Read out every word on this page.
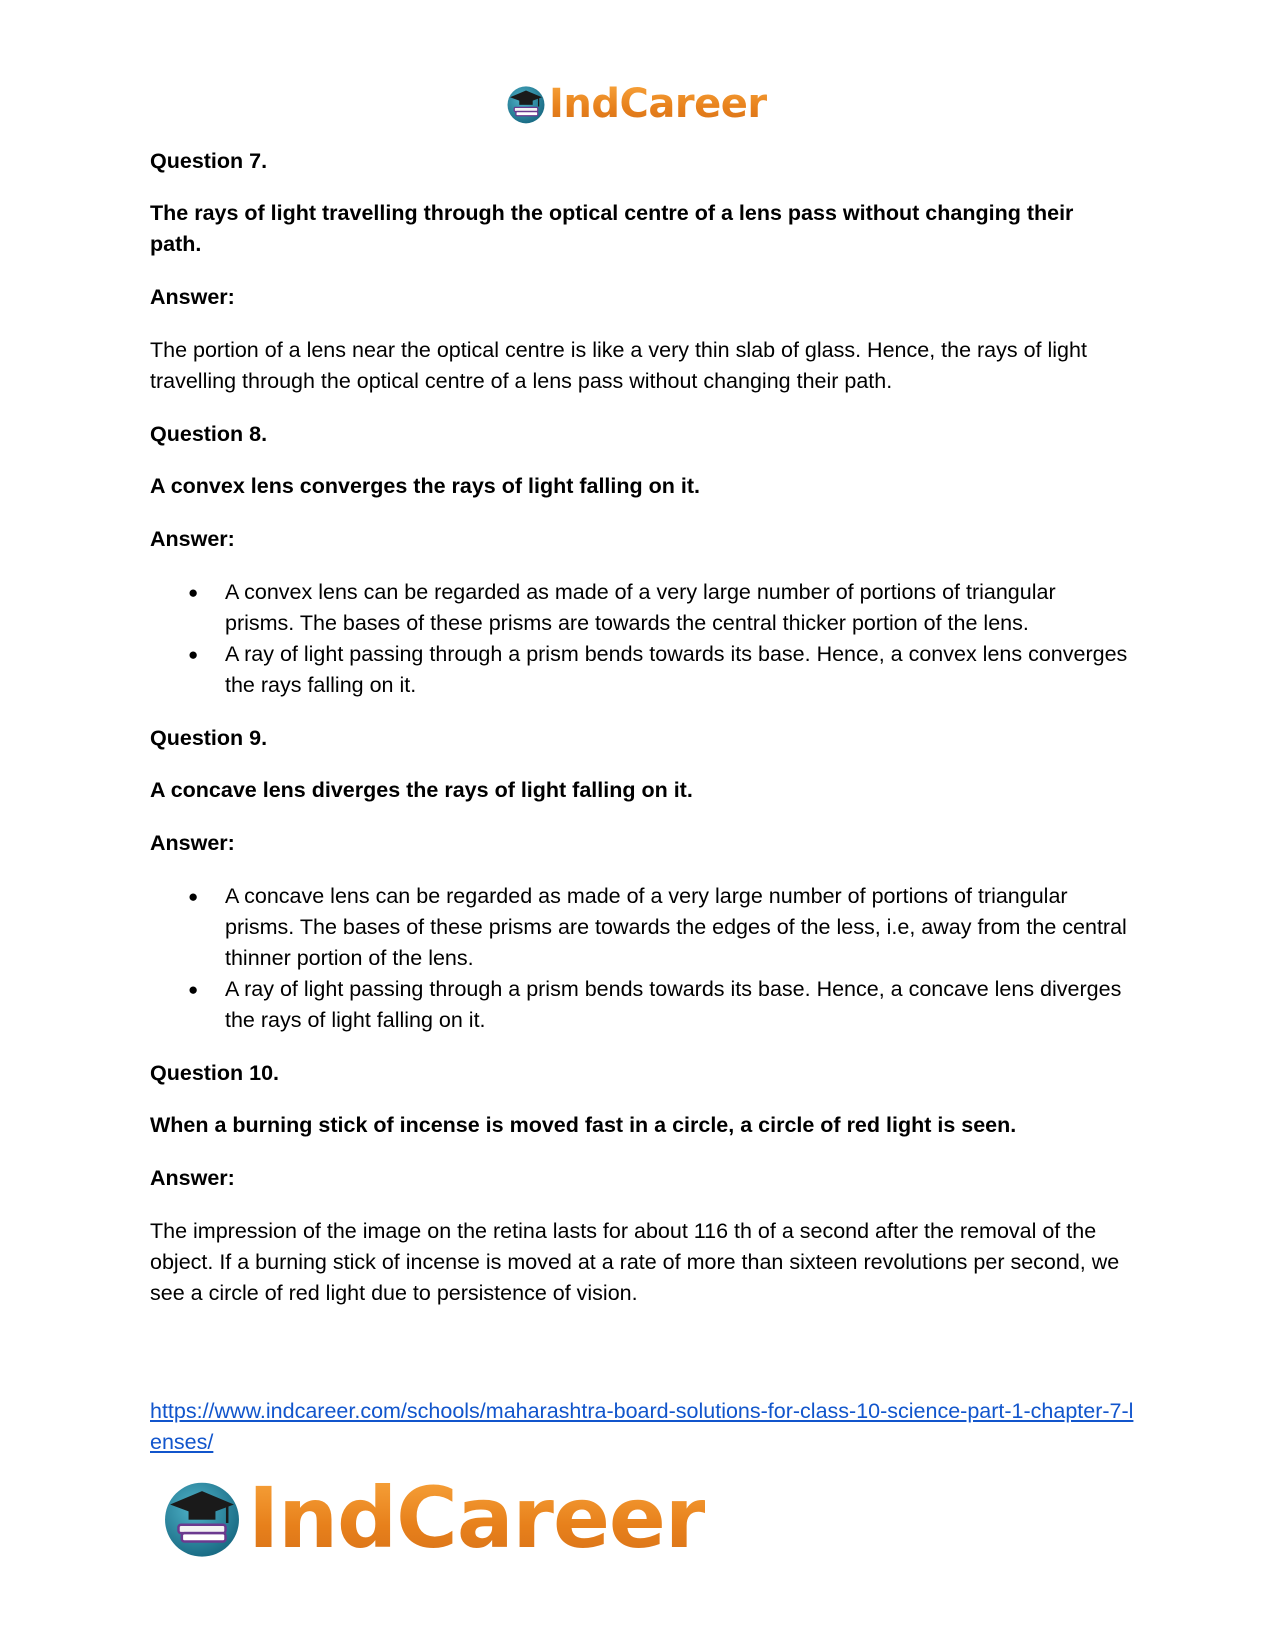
IndCareer

Question 7.

The rays of light travelling through the optical centre of a lens pass without changing their path.

Answer:

The portion of a lens near the optical centre is like a very thin slab of glass. Hence, the rays of light travelling through the optical centre of a lens pass without changing their path.

Question 8.

A convex lens converges the rays of light falling on it.

Answer:

● A convex lens can be regarded as made of a very large number of portions of triangular prisms. The bases of these prisms are towards the central thicker portion of the lens.
● A ray of light passing through a prism bends towards its base. Hence, a convex lens converges the rays falling on it.

Question 9.

A concave lens diverges the rays of light falling on it.

Answer:

● A concave lens can be regarded as made of a very large number of portions of triangular prisms. The bases of these prisms are towards the edges of the less, i.e, away from the central thinner portion of the lens.
● A ray of light passing through a prism bends towards its base. Hence, a concave lens diverges the rays of light falling on it.

Question 10.

When a burning stick of incense is moved fast in a circle, a circle of red light is seen.

Answer:

The impression of the image on the retina lasts for about 116 th of a second after the removal of the object. If a burning stick of incense is moved at a rate of more than sixteen revolutions per second, we see a circle of red light due to persistence of vision.

https://www.indcareer.com/schools/maharashtra-board-solutions-for-class-10-science-part-1-chapter-7-lenses/
IndCareer
